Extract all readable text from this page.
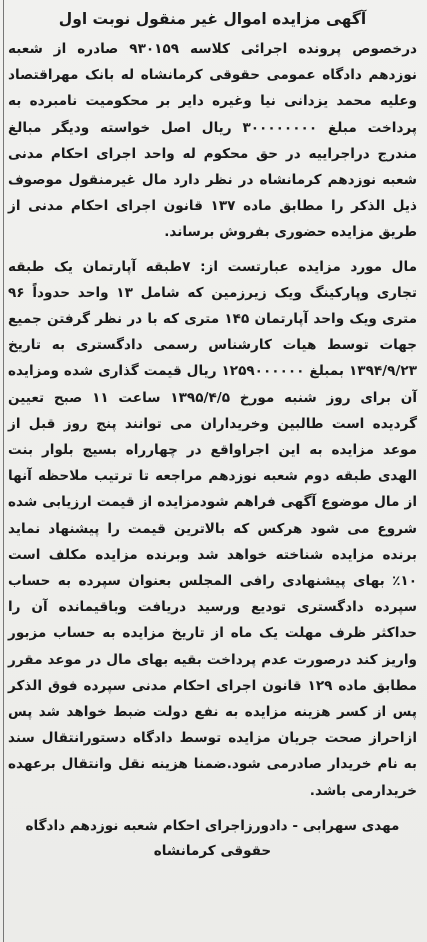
آگهی مزایده اموال غیر منقول نوبت اول

درخصوص پرونده اجرائی کلاسه ۹۳۰۱۵۹ صادره از شعبه نوزدهم دادگاه عمومی حقوقی کرمانشاه له بانک مهراقتصاد وعلیه محمد یزدانی نیا وغیره دایر بر محکومیت نامبرده به پرداخت مبلغ ۳۰۰۰۰۰۰۰۰ ریال اصل خواسته ودیگر مبالغ مندرج دراجراییه در حق محکوم له واحد اجرای احکام مدنی شعبه نوزدهم کرمانشاه در نظر دارد مال غیرمنقول موصوف ذیل الذکر را مطابق ماده ۱۳۷ قانون اجرای احکام مدنی از طریق مزایده حضوری بفروش برساند.

مال مورد مزایده عبارتست از: ۷طبقه آپارتمان یک طبقه تجاری وپارکینگ ویک زیرزمین که شامل ۱۳ واحد حدوداً ۹۶ متری ویک واحد آپارتمان ۱۴۵ متری که با در نظر گرفتن جمیع جهات توسط هیات کارشناس رسمی دادگستری به تاریخ ۱۳۹۴/۹/۲۳ بمبلغ ۱۲۵۹۰۰۰۰۰۰ ریال قیمت گذاری شده ومزایده آن برای روز شنبه مورخ ۱۳۹۵/۴/۵ ساعت ۱۱ صبح تعیین گردیده است طالبین وخریداران می توانند پنج روز قبل از موعد مزایده به این اجراواقع در چهارراه بسیج بلوار بنت الهدی طبقه دوم شعبه نوزدهم مراجعه تا ترتیب ملاحظه آنها از مال موضوع آگهی فراهم شودمزایده از قیمت ارزیابی شده شروع می شود هرکس که بالاترین قیمت را پیشنهاد نماید برنده مزایده شناخته خواهد شد وبرنده مزایده مکلف است ۱۰٪ بهای پیشنهادی رافی المجلس بعنوان سپرده به حساب سپرده دادگستری تودیع ورسید دریافت وباقیمانده آن را حداکثر ظرف مهلت یک ماه از تاریخ مزایده به حساب مزبور واریز کند درصورت عدم پرداخت بقیه بهای مال در موعد مقرر مطابق ماده ۱۲۹ قانون اجرای احکام مدنی سپرده فوق الذکر پس از کسر هزینه مزایده به نفع دولت ضبط خواهد شد پس ازاحراز صحت جریان مزایده توسط دادگاه دستورانتقال سند به نام خریدار صادرمی شود.ضمنا هزینه نقل وانتقال برعهده خریدارمی باشد.

مهدی سهرابی - دادورزاجرای احکام شعبه نوزدهم دادگاه حقوقی کرمانشاه
